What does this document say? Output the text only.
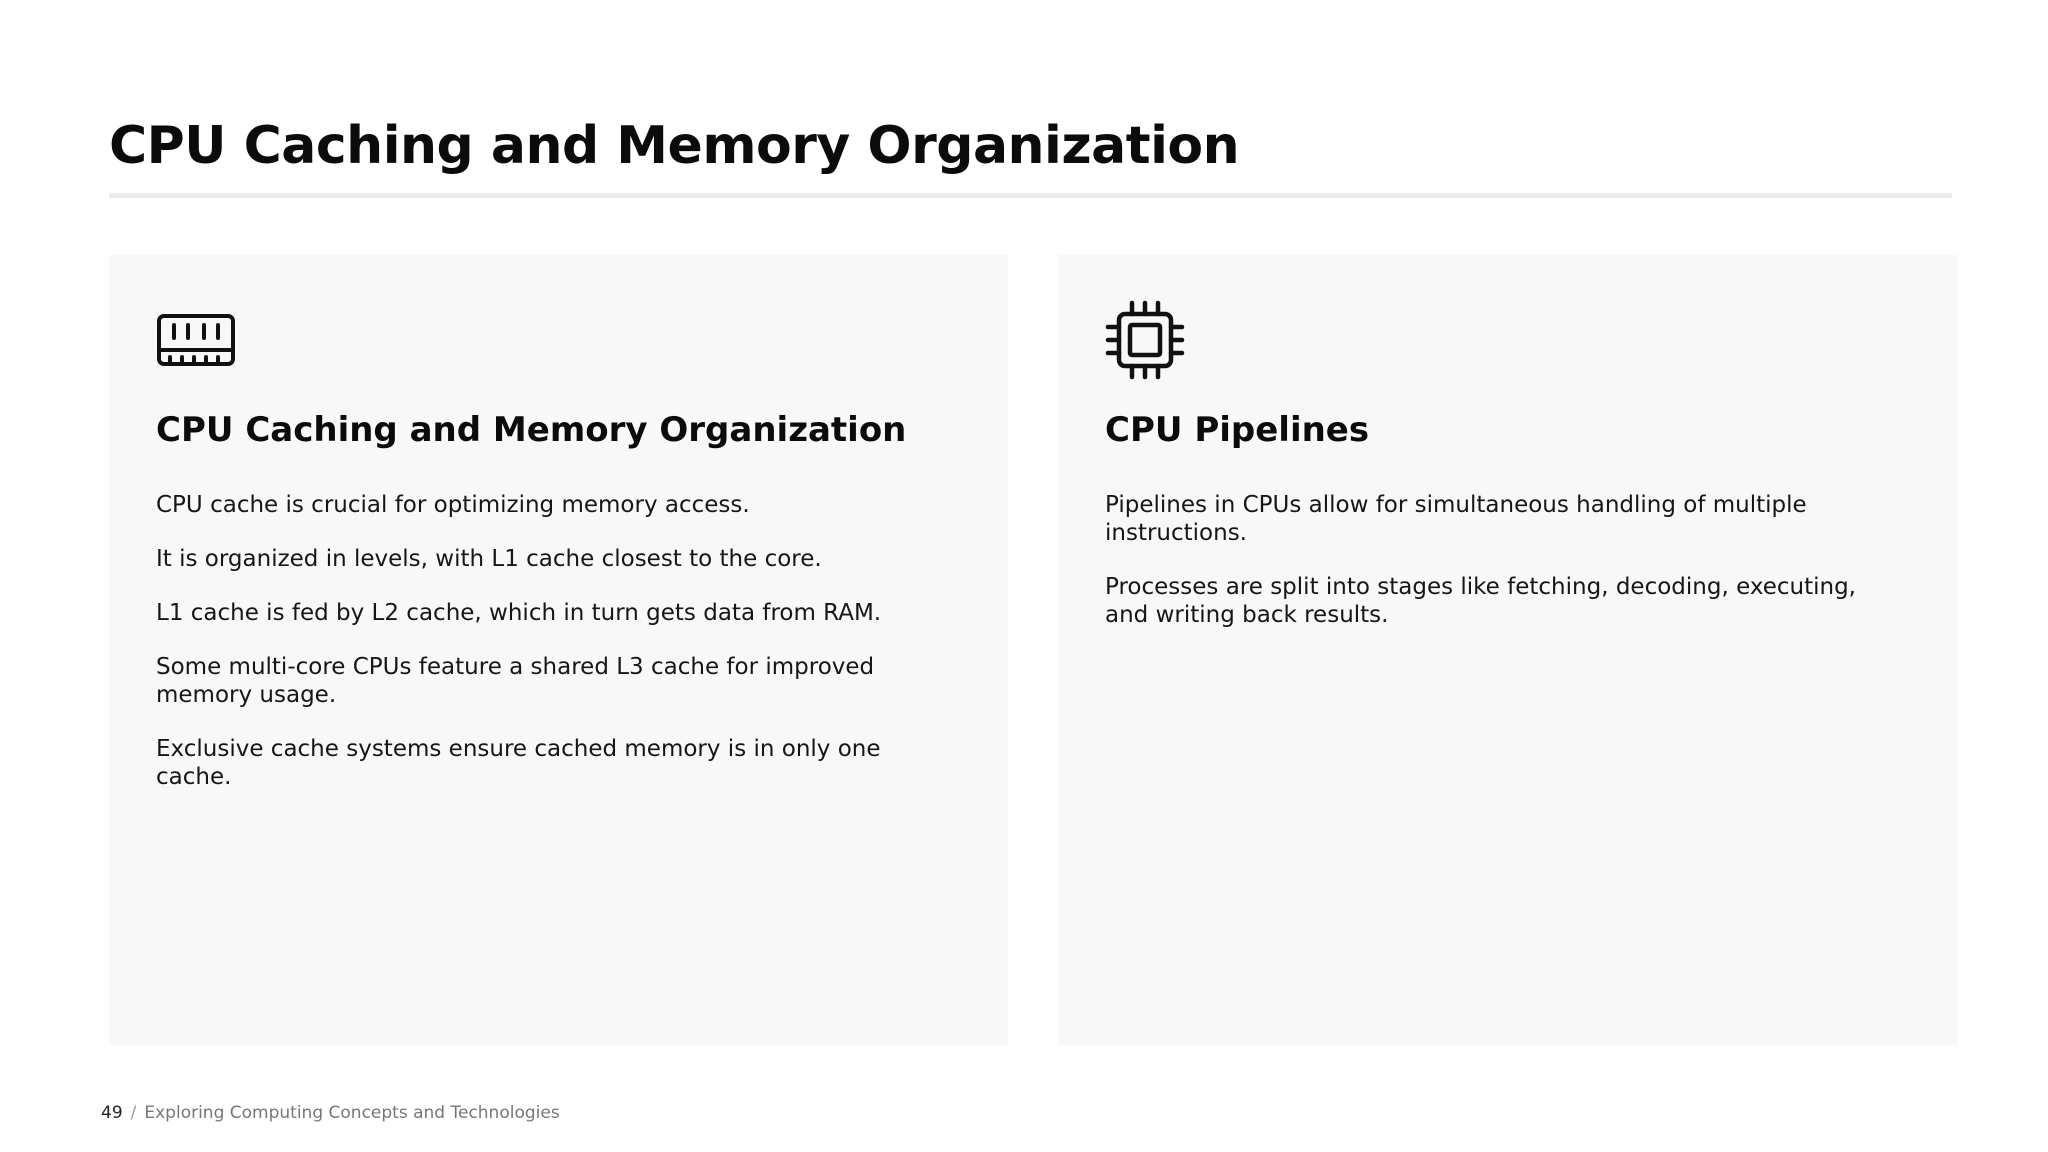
CPU Caching and Memory Organization
CPU Caching and Memory Organization
CPU cache is crucial for optimizing memory access.
It is organized in levels, with L1 cache closest to the core.
L1 cache is fed by L2 cache, which in turn gets data from RAM.
Some multi-core CPUs feature a shared L3 cache for improved memory usage.
Exclusive cache systems ensure cached memory is in only one cache.
CPU Pipelines
Pipelines in CPUs allow for simultaneous handling of multiple instructions.
Processes are split into stages like fetching, decoding, executing, and writing back results.
49 / Exploring Computing Concepts and Technologies
